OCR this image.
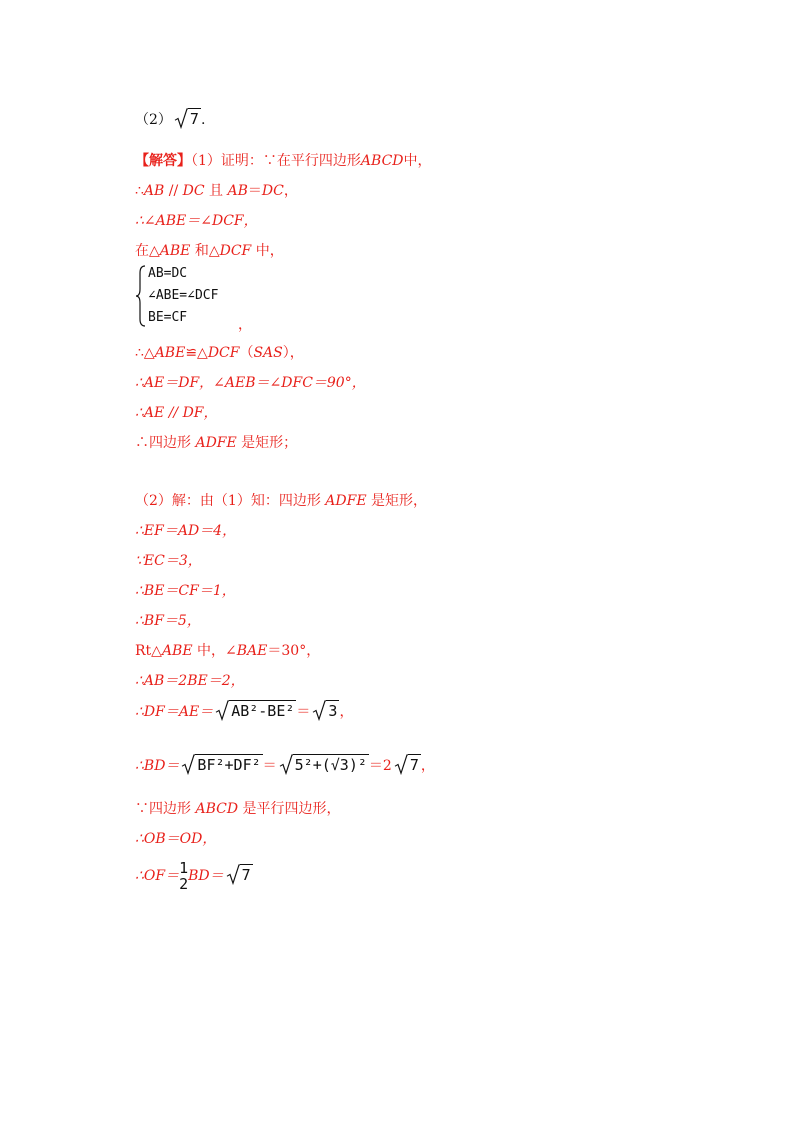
（2） 7 .
【解答】（1）证明：∵在平行四边形ABCD中，
∴AB // DC 且 AB＝DC，
∴∠ABE＝∠DCF，
在△ABE 和△DCF 中，
AB=DC
∠ABE=∠DCF
BE=CF	，
∴△ABE≌△DCF（SAS），
∴AE＝DF，∠AEB＝∠DFC＝90°，
∴AE // DF，
∴四边形 ADFE 是矩形；
（2）解：由（1）知：四边形 ADFE 是矩形，
∴EF＝AD＝4，
∵EC＝3，
∴BE＝CF＝1，
∴BF＝5，
Rt△ABE 中，∠BAE＝30°，
∴AB＝2BE＝2，
∴DF＝AE＝ AB²-BE² ＝ 3 ，
∴BD＝ BF²+DF² ＝ 5²+(√3)² ＝2 7 ，
∵四边形 ABCD 是平行四边形，
∴OB＝OD，
∴OF＝ 1
2 BD＝ 7
